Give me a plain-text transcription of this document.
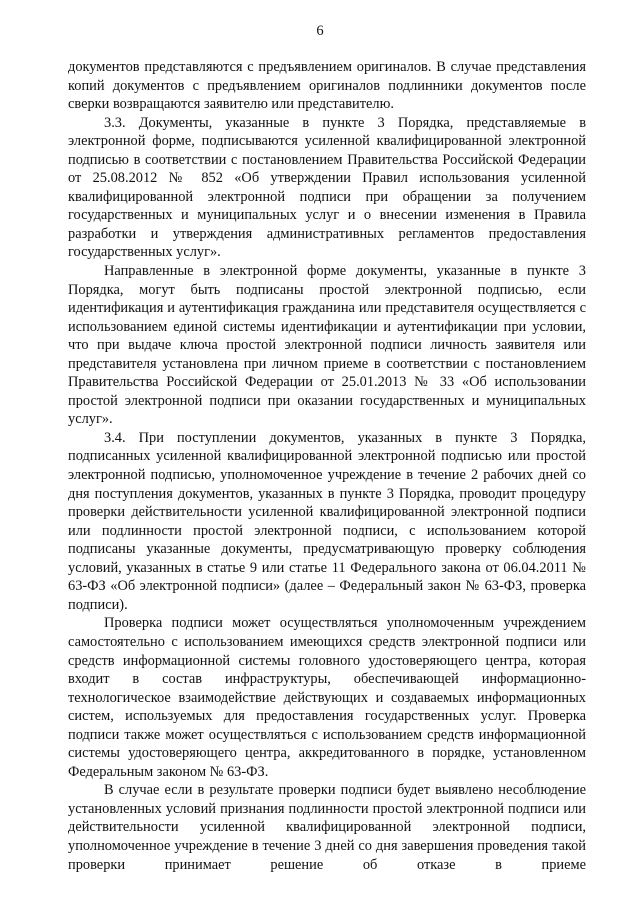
6

документов представляются с предъявлением оригиналов. В случае представления копий документов с предъявлением оригиналов подлинники документов после сверки возвращаются заявителю или представителю.

3.3. Документы, указанные в пункте 3 Порядка, представляемые в электронной форме, подписываются усиленной квалифицированной электронной подписью в соответствии с постановлением Правительства Российской Федерации от 25.08.2012 № 852 «Об утверждении Правил использования усиленной квалифицированной электронной подписи при обращении за получением государственных и муниципальных услуг и о внесении изменения в Правила разработки и утверждения административных регламентов предоставления государственных услуг».

Направленные в электронной форме документы, указанные в пункте 3 Порядка, могут быть подписаны простой электронной подписью, если идентификация и аутентификация гражданина или представителя осуществляется с использованием единой системы идентификации и аутентификации при условии, что при выдаче ключа простой электронной подписи личность заявителя или представителя установлена при личном приеме в соответствии с постановлением Правительства Российской Федерации от 25.01.2013 № 33 «Об использовании простой электронной подписи при оказании государственных и муниципальных услуг».

3.4. При поступлении документов, указанных в пункте 3 Порядка, подписанных усиленной квалифицированной электронной подписью или простой электронной подписью, уполномоченное учреждение в течение 2 рабочих дней со дня поступления документов, указанных в пункте 3 Порядка, проводит процедуру проверки действительности усиленной квалифицированной электронной подписи или подлинности простой электронной подписи, с использованием которой подписаны указанные документы, предусматривающую проверку соблюдения условий, указанных в статье 9 или статье 11 Федерального закона от 06.04.2011 № 63-ФЗ «Об электронной подписи» (далее – Федеральный закон № 63-ФЗ, проверка подписи).

Проверка подписи может осуществляться уполномоченным учреждением самостоятельно с использованием имеющихся средств электронной подписи или средств информационной системы головного удостоверяющего центра, которая входит в состав инфраструктуры, обеспечивающей информационно-технологическое взаимодействие действующих и создаваемых информационных систем, используемых для предоставления государственных услуг. Проверка подписи также может осуществляться с использованием средств информационной системы удостоверяющего центра, аккредитованного в порядке, установленном Федеральным законом № 63-ФЗ.

В случае если в результате проверки подписи будет выявлено несоблюдение установленных условий признания подлинности простой электронной подписи или действительности усиленной квалифицированной электронной подписи, уполномоченное учреждение в течение 3 дней со дня завершения проведения такой проверки принимает решение об отказе в приеме
